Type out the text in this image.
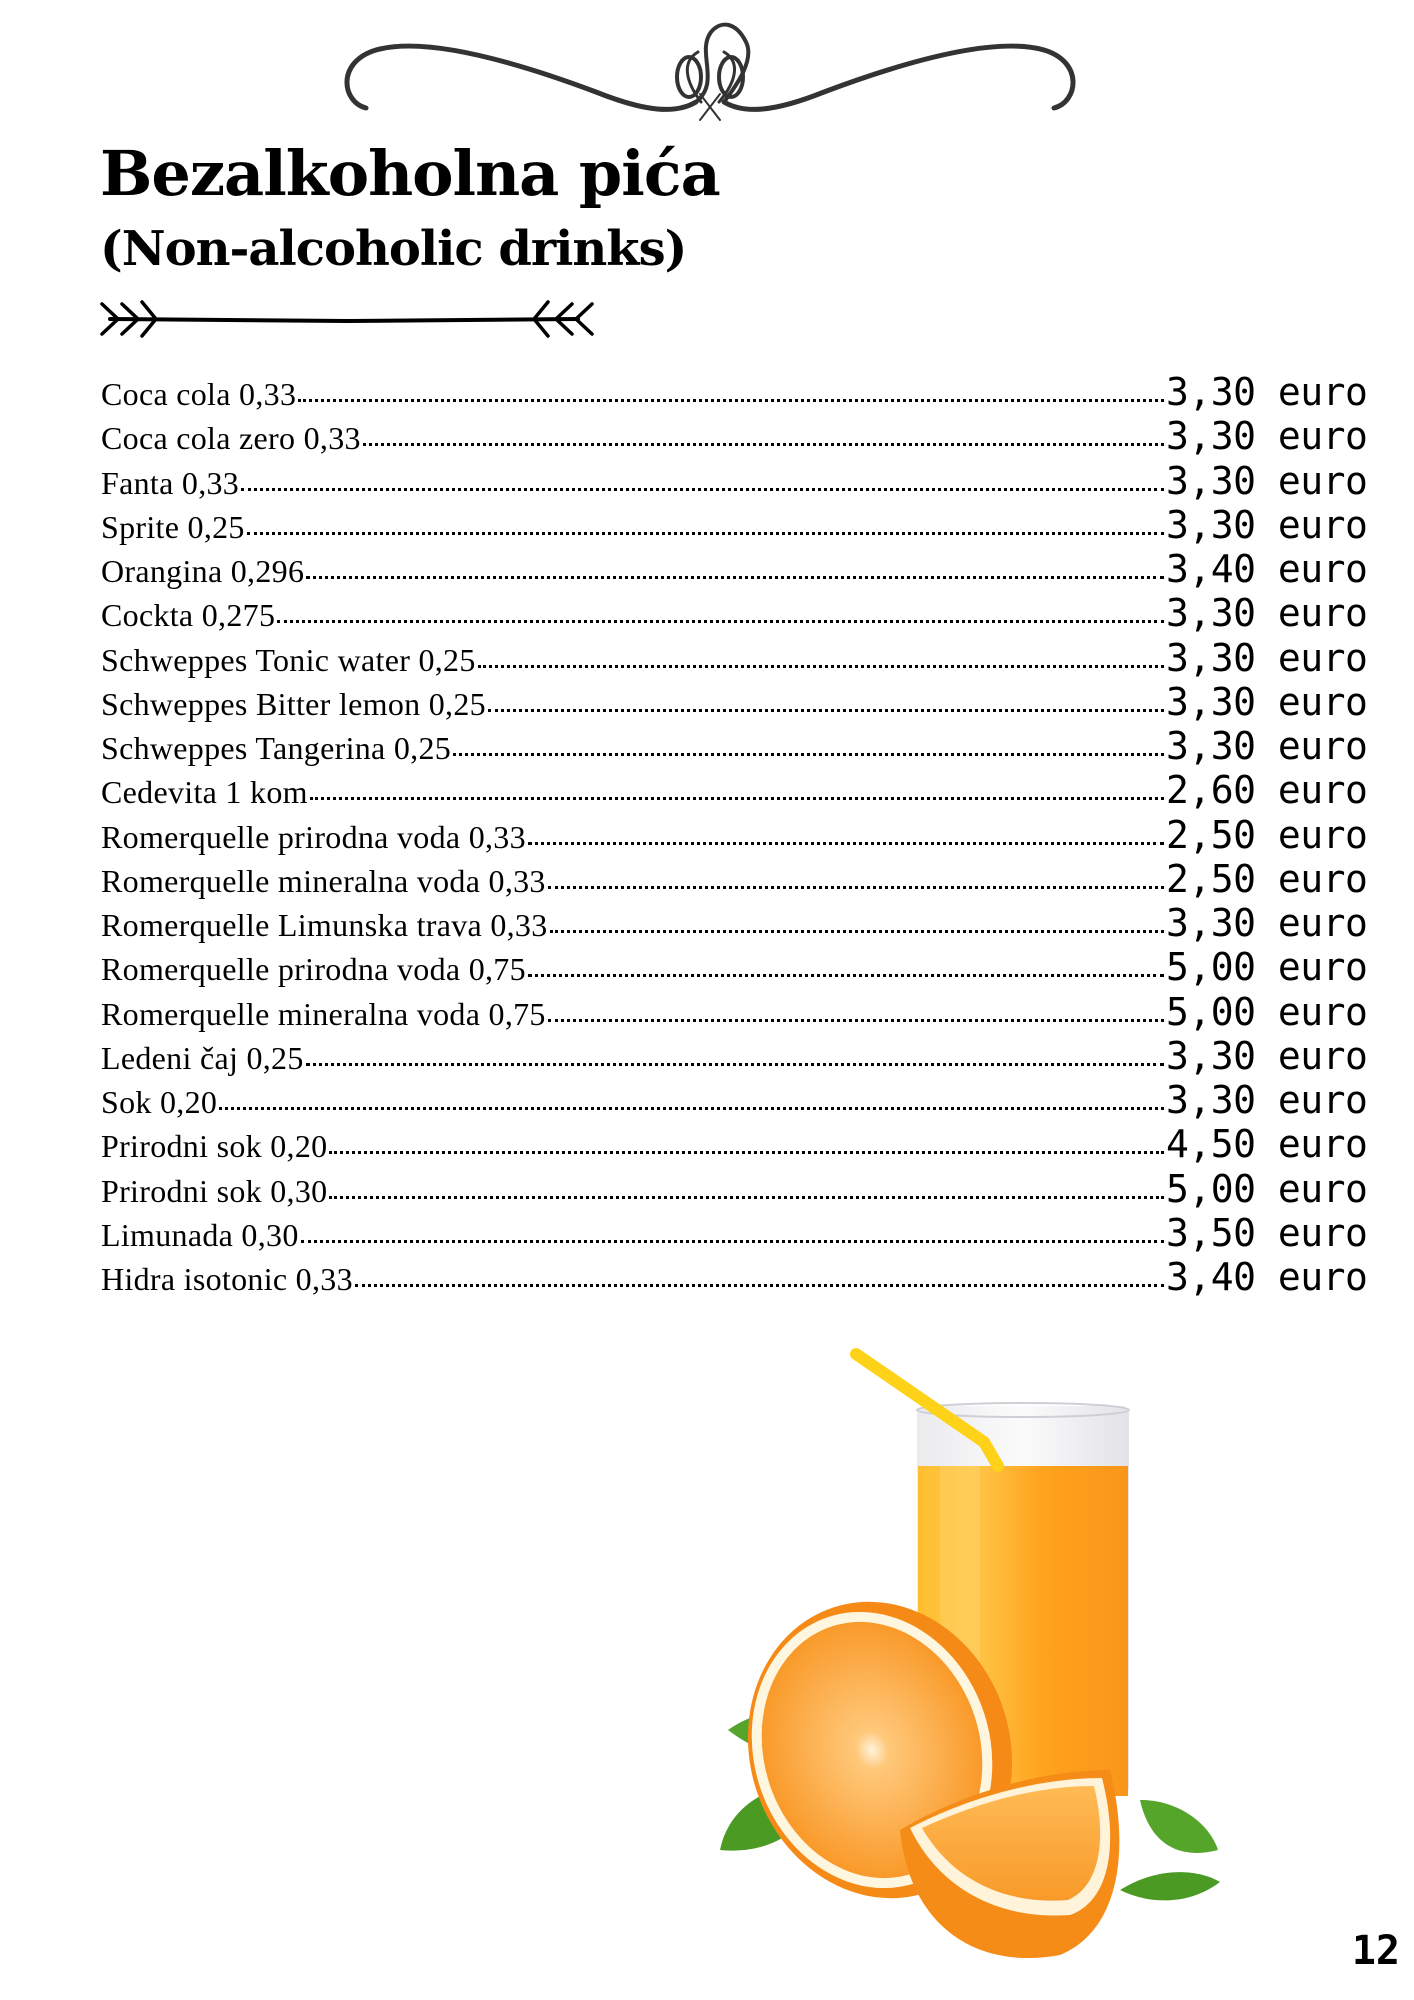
Bezalkoholna pića
(Non-alcoholic drinks)
Coca cola 0,33	3,30 euro
Coca cola zero 0,33	3,30 euro
Fanta 0,33	3,30 euro
Sprite 0,25	3,30 euro
Orangina 0,296	3,40 euro
Cockta 0,275	3,30 euro
Schweppes Tonic water 0,25	3,30 euro
Schweppes Bitter lemon 0,25	3,30 euro
Schweppes Tangerina 0,25	3,30 euro
Cedevita 1 kom	2,60 euro
Romerquelle prirodna voda 0,33	2,50 euro
Romerquelle mineralna voda 0,33	2,50 euro
Romerquelle Limunska trava 0,33	3,30 euro
Romerquelle prirodna voda 0,75	5,00 euro
Romerquelle mineralna voda 0,75	5,00 euro
Ledeni čaj 0,25	3,30 euro
Sok 0,20	3,30 euro
Prirodni sok 0,20	4,50 euro
Prirodni sok 0,30	5,00 euro
Limunada 0,30	3,50 euro
Hidra isotonic 0,33	3,40 euro
12
